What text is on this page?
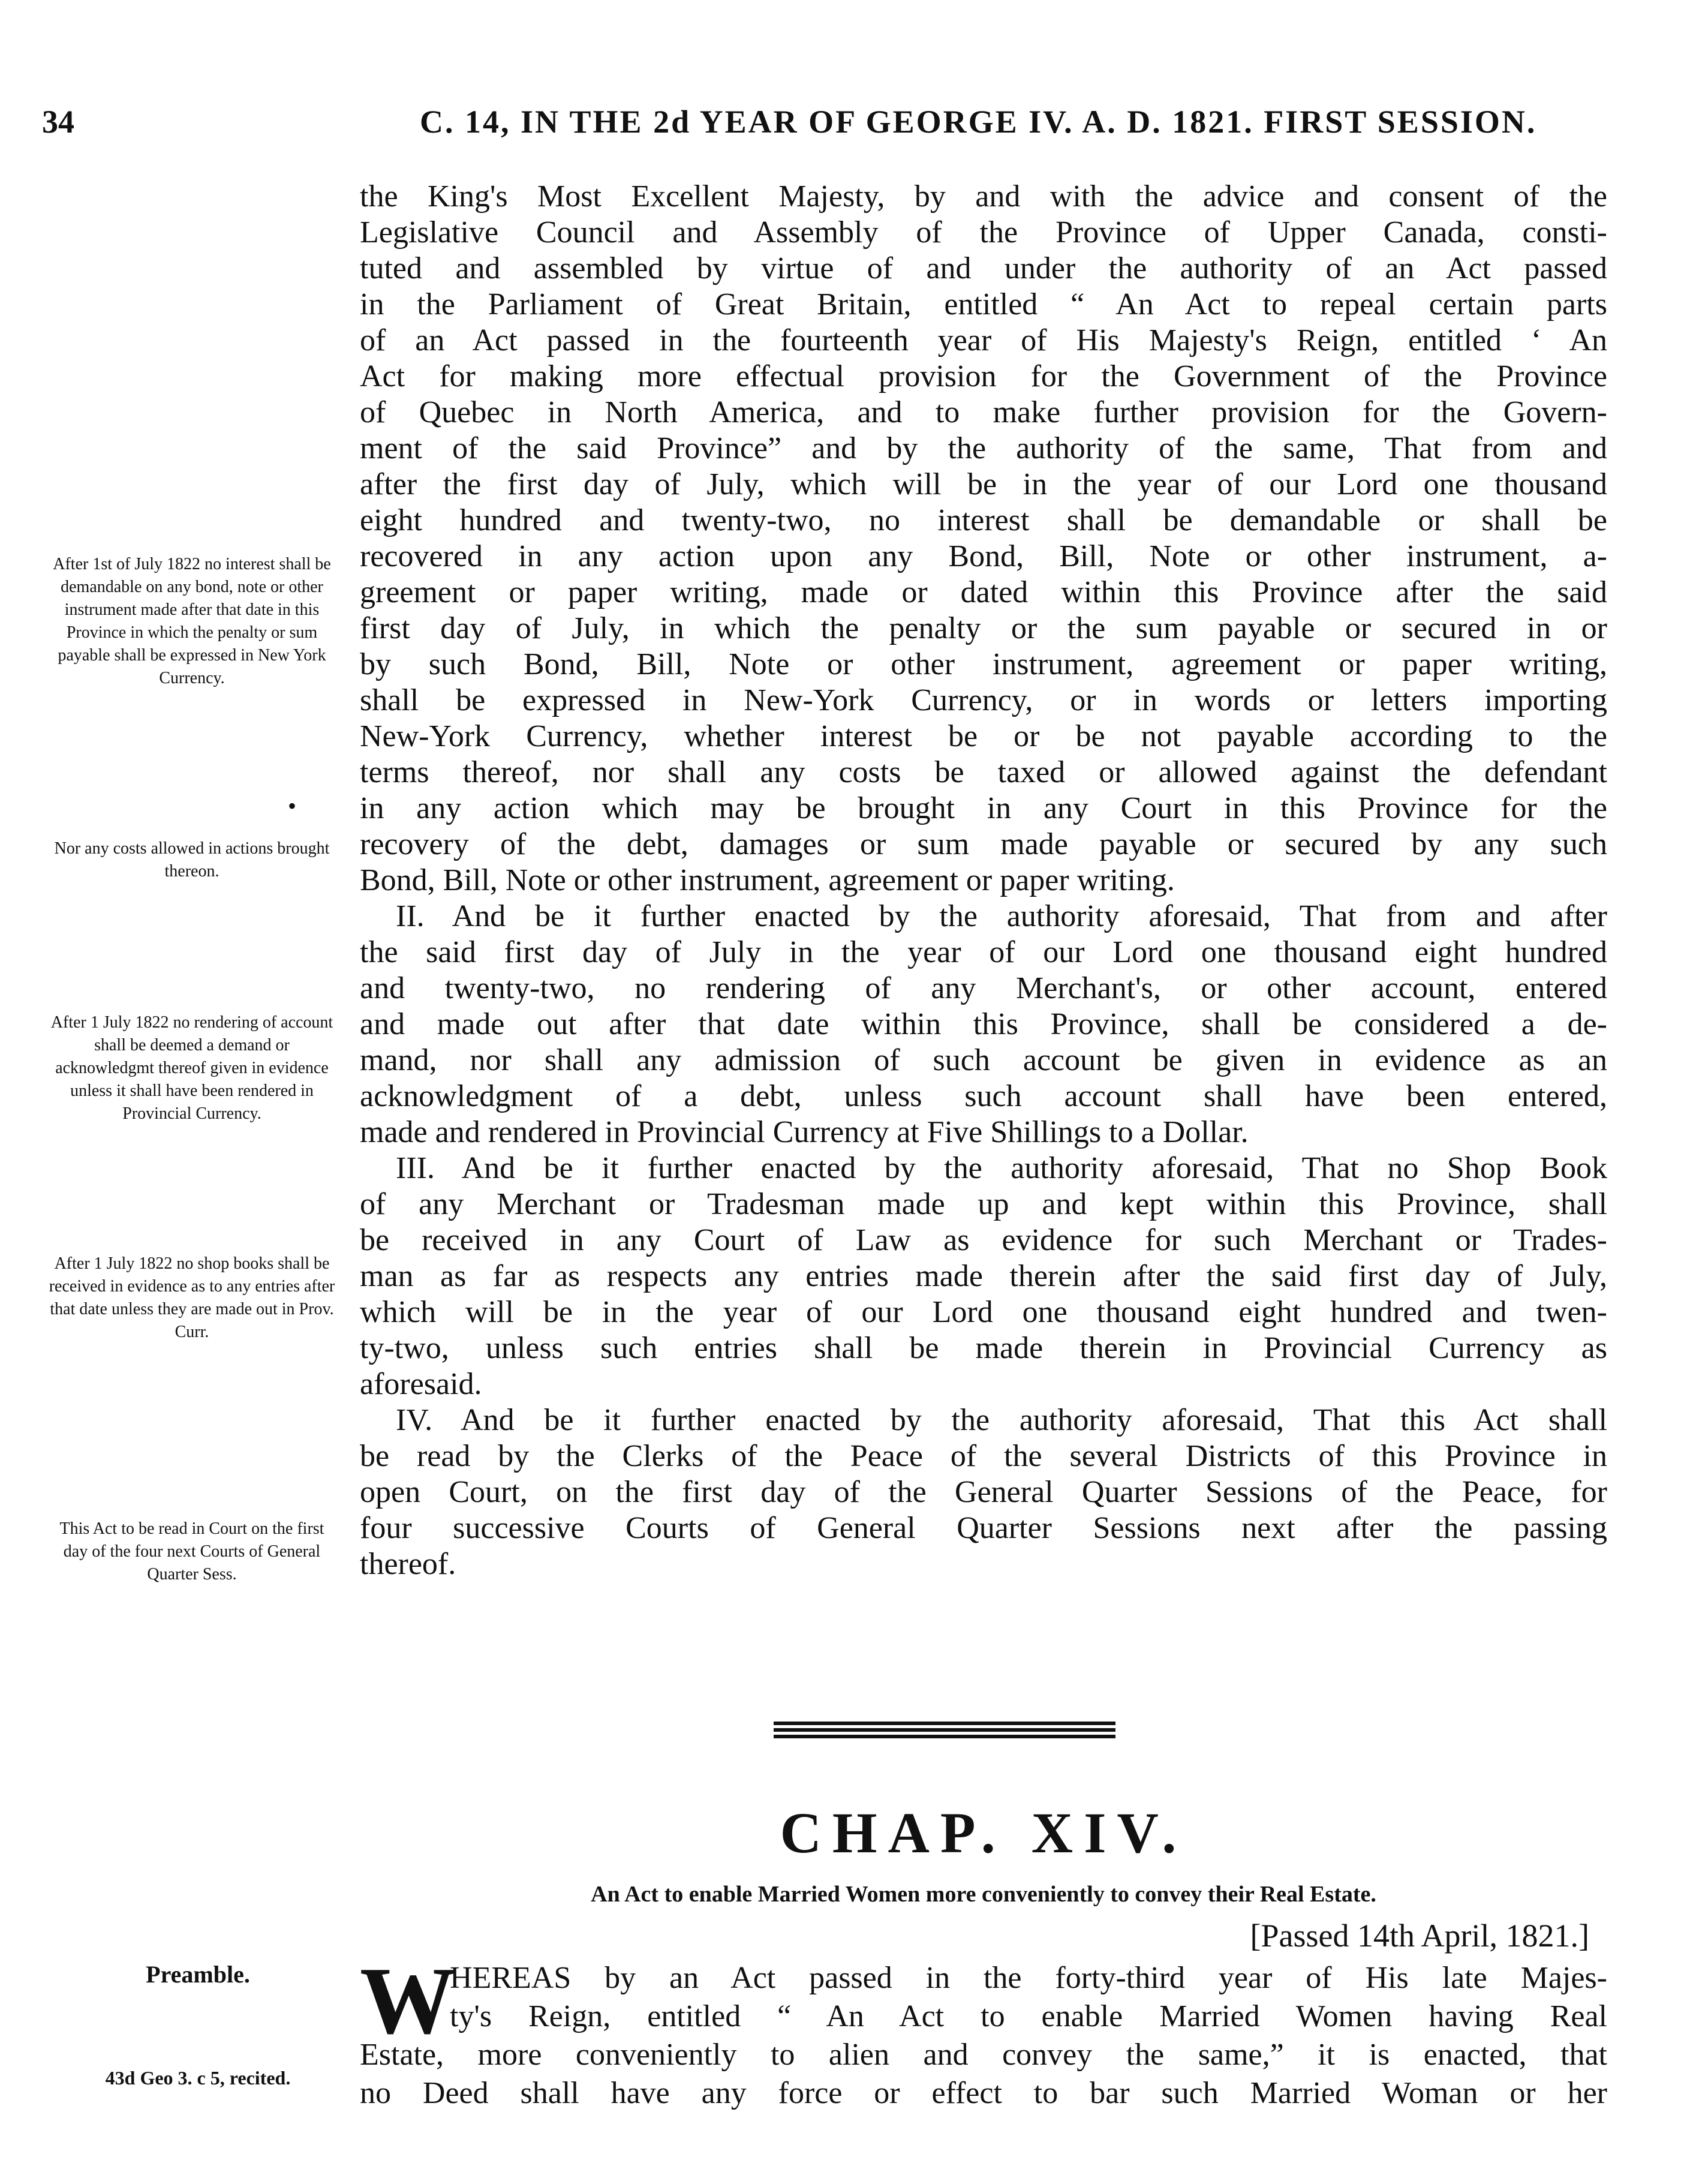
34	C. 14, IN THE 2d YEAR OF GEORGE IV. A. D. 1821. FIRST SESSION.
After 1st of July 1822 no interest shall be demandable on any bond, note or other instrument made after that date in this Province in which the penalty or sum payable shall be expressed in New York Currency.
Nor any costs allowed in actions brought thereon.
After 1 July 1822 no rendering of account shall be deemed a demand or acknowledgmt thereof given in evidence unless it shall have been rendered in Provincial Currency.
After 1 July 1822 no shop books shall be received in evidence as to any entries after that date unless they are made out in Prov. Curr.
This Act to be read in Court on the first day of the four next Courts of General Quarter Sess.
•
the King's Most Excellent Majesty, by and with the advice and consent of the
Legislative Council and Assembly of the Province of Upper Canada, consti-
tuted and assembled by virtue of and under the authority of an Act passed
in the Parliament of Great Britain, entitled “ An Act to repeal certain parts
of an Act passed in the fourteenth year of His Majesty's Reign, entitled ‘ An
Act for making more effectual provision for the Government of the Province
of Quebec in North America, and to make further provision for the Govern-
ment of the said Province” and by the authority of the same, That from and
after the first day of July, which will be in the year of our Lord one thousand
eight hundred and twenty-two, no interest shall be demandable or shall be
recovered in any action upon any Bond, Bill, Note or other instrument, a-
greement or paper writing, made or dated within this Province after the said
first day of July, in which the penalty or the sum payable or secured in or
by such Bond, Bill, Note or other instrument, agreement or paper writing,
shall be expressed in New-York Currency, or in words or letters importing
New-York Currency, whether interest be or be not payable according to the
terms thereof, nor shall any costs be taxed or allowed against the defendant
in any action which may be brought in any Court in this Province for the
recovery of the debt, damages or sum made payable or secured by any such
Bond, Bill, Note or other instrument, agreement or paper writing.
II. And be it further enacted by the authority aforesaid, That from and after
the said first day of July in the year of our Lord one thousand eight hundred
and twenty-two, no rendering of any Merchant's, or other account, entered
and made out after that date within this Province, shall be considered a de-
mand, nor shall any admission of such account be given in evidence as an
acknowledgment of a debt, unless such account shall have been entered,
made and rendered in Provincial Currency at Five Shillings to a Dollar.
III. And be it further enacted by the authority aforesaid, That no Shop Book
of any Merchant or Tradesman made up and kept within this Province, shall
be received in any Court of Law as evidence for such Merchant or Trades-
man as far as respects any entries made therein after the said first day of July,
which will be in the year of our Lord one thousand eight hundred and twen-
ty-two, unless such entries shall be made therein in Provincial Currency as
aforesaid.
IV. And be it further enacted by the authority aforesaid, That this Act shall
be read by the Clerks of the Peace of the several Districts of this Province in
open Court, on the first day of the General Quarter Sessions of the Peace, for
four successive Courts of General Quarter Sessions next after the passing
thereof.
CHAP. XIV.
An Act to enable Married Women more conveniently to convey their Real Estate.
[Passed 14th April, 1821.]
Preamble.
43d Geo 3. c 5, recited.
W
HEREAS by an Act passed in the forty-third year of His late Majes-
ty's Reign, entitled “ An Act to enable Married Women having Real
Estate, more conveniently to alien and convey the same,” it is enacted, that
no Deed shall have any force or effect to bar such Married Woman or her
